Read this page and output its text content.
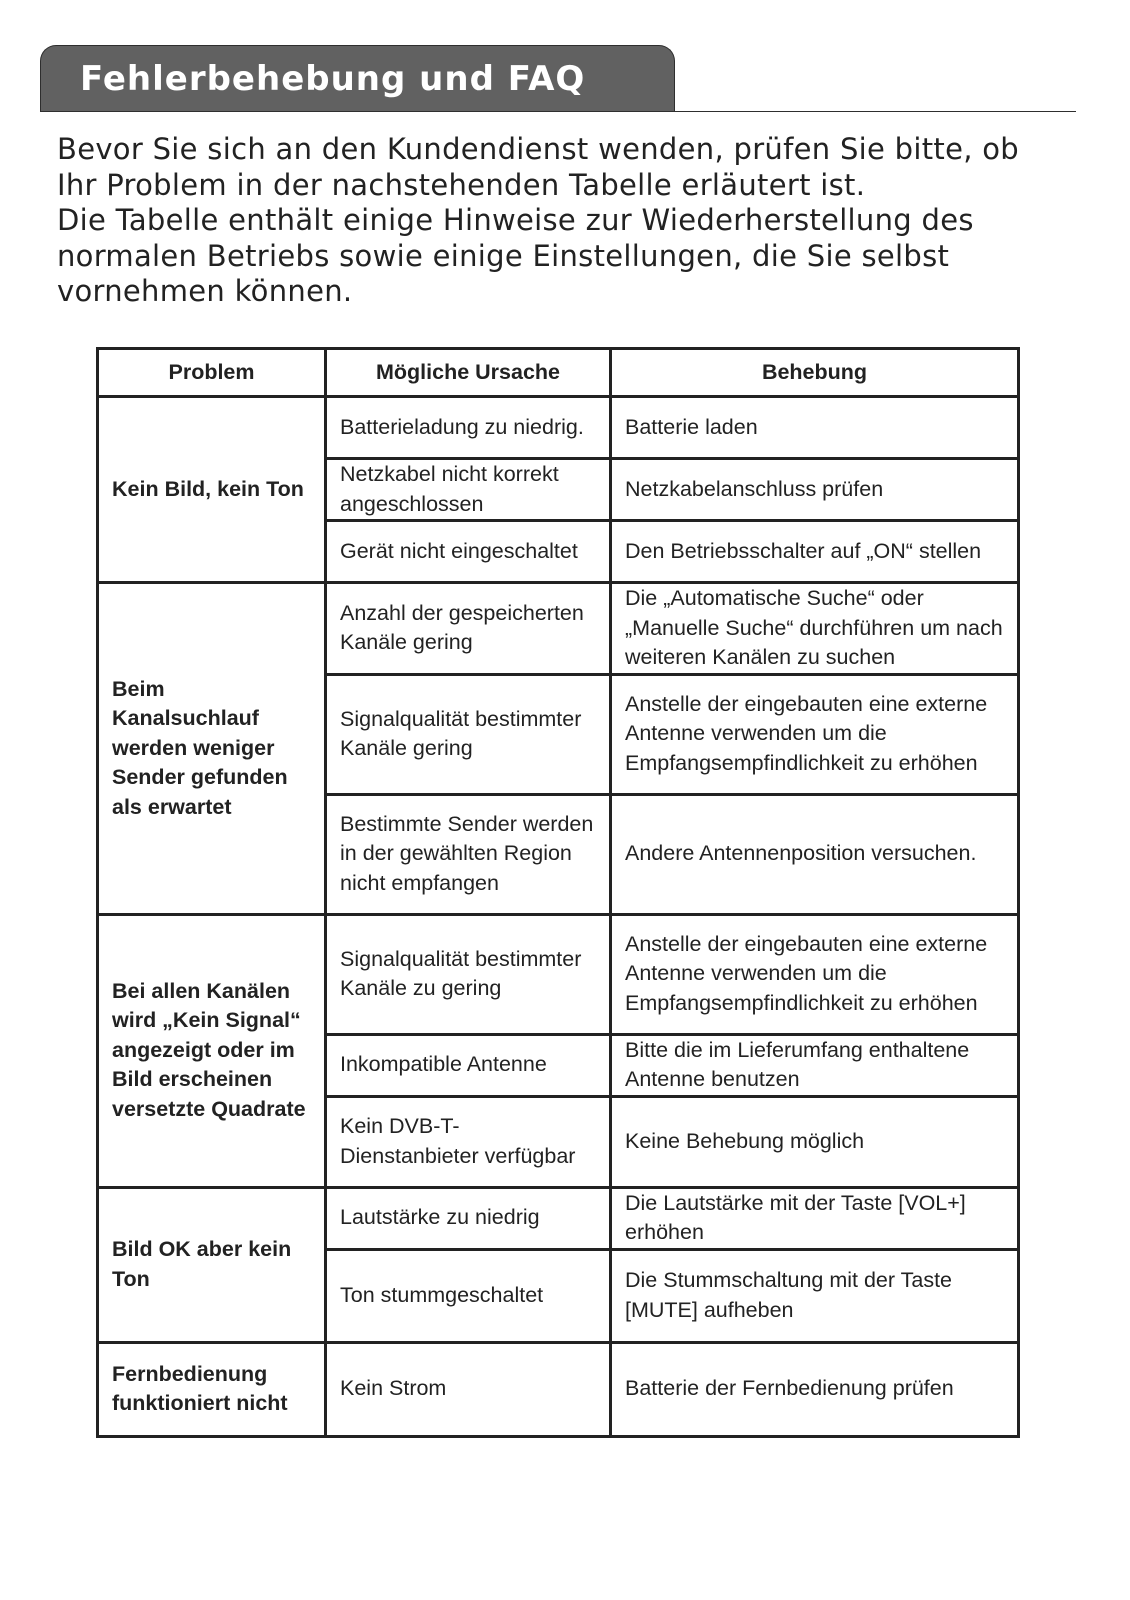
Fehlerbehebung und FAQ

Bevor Sie sich an den Kundendienst wenden, prüfen Sie bitte, ob
Ihr Problem in der nachstehenden Tabelle erläutert ist.
Die Tabelle enthält einige Hinweise zur Wiederherstellung des
normalen Betriebs sowie einige Einstellungen, die Sie selbst
vornehmen können.

Problem	Mögliche Ursache	Behebung
Kein Bild, kein Ton	Batterieladung zu niedrig.	Batterie laden
	Netzkabel nicht korrekt angeschlossen	Netzkabelanschluss prüfen
	Gerät nicht eingeschaltet	Den Betriebsschalter auf „ON“ stellen
Beim Kanalsuchlauf werden weniger Sender gefunden als erwartet	Anzahl der gespeicherten Kanäle gering	Die „Automatische Suche“ oder „Manuelle Suche“ durchführen um nach weiteren Kanälen zu suchen
	Signalqualität bestimmter Kanäle gering	Anstelle der eingebauten eine externe Antenne verwenden um die Empfangsempfindlichkeit zu erhöhen
	Bestimmte Sender werden in der gewählten Region nicht empfangen	Andere Antennenposition versuchen.
Bei allen Kanälen wird „Kein Signal“ angezeigt oder im Bild erscheinen versetzte Quadrate	Signalqualität bestimmter Kanäle zu gering	Anstelle der eingebauten eine externe Antenne verwenden um die Empfangsempfindlichkeit zu erhöhen
	Inkompatible Antenne	Bitte die im Lieferumfang enthaltene Antenne benutzen
	Kein DVB-T-Dienstanbieter verfügbar	Keine Behebung möglich
Bild OK aber kein Ton	Lautstärke zu niedrig	Die Lautstärke mit der Taste [VOL+] erhöhen
	Ton stummgeschaltet	Die Stummschaltung mit der Taste [MUTE] aufheben
Fernbedienung funktioniert nicht	Kein Strom	Batterie der Fernbedienung prüfen
